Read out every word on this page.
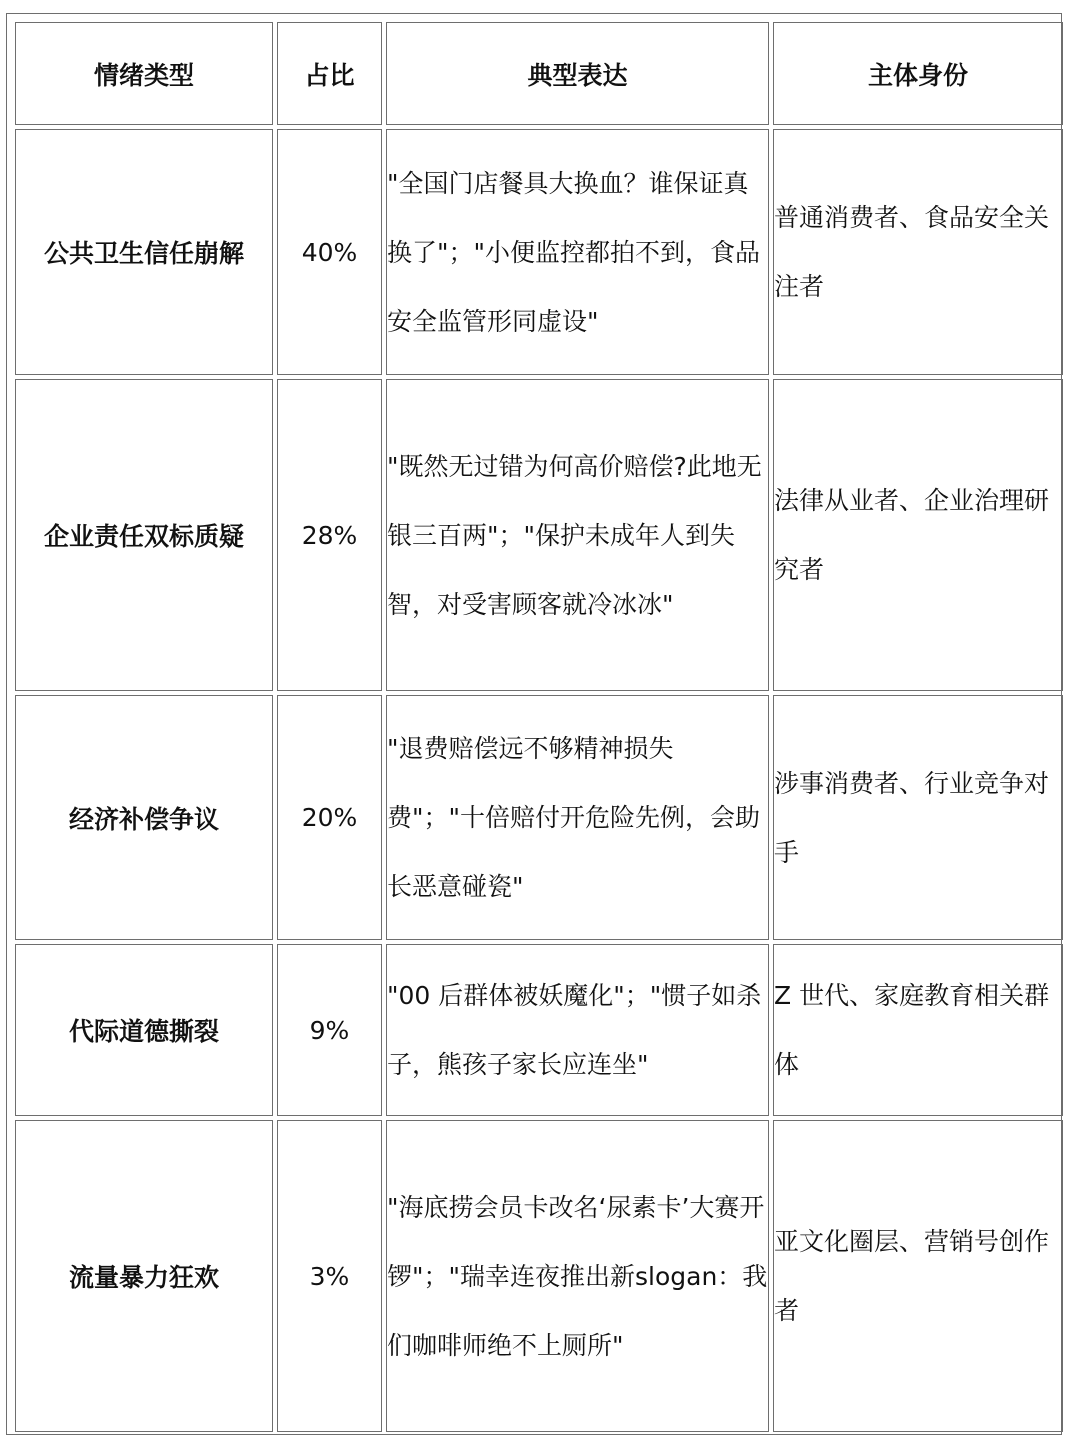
情绪类型	占比	典型表达	主体身份
公共卫生信任崩解	40%	"全国门店餐具大换血？谁保证真换了"；"小便监控都拍不到，食品安全监管形同虚设"	普通消费者、食品安全关注者
企业责任双标质疑	28%	"既然无过错为何高价赔偿?此地无银三百两"；"保护未成年人到失智，对受害顾客就冷冰冰"	法律从业者、企业治理研究者
经济补偿争议	20%	"退费赔偿远不够精神损失费"；"十倍赔付开危险先例，会助长恶意碰瓷"	涉事消费者、行业竞争对手
代际道德撕裂	9%	"00 后群体被妖魔化"；"惯子如杀子，熊孩子家长应连坐"	Z 世代、家庭教育相关群体
流量暴力狂欢	3%	"海底捞会员卡改名‘尿素卡’大赛开锣"；"瑞幸连夜推出新slogan：我们咖啡师绝不上厕所"	亚文化圈层、营销号创作者
